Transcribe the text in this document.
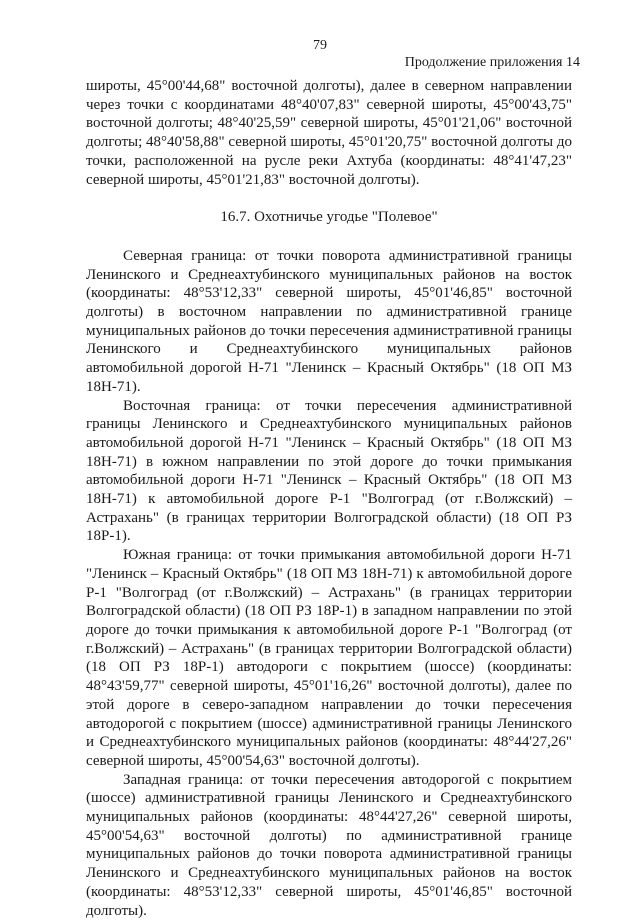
79
Продолжение приложения 14

широты, 45°00'44,68" восточной долготы), далее в северном направлении через точки с координатами 48°40'07,83" северной широты, 45°00'43,75" восточной долготы; 48°40'25,59" северной широты, 45°01'21,06" восточной долготы; 48°40'58,88" северной широты, 45°01'20,75" восточной долготы до точки, расположенной на русле реки Ахтуба (координаты: 48°41'47,23" северной широты, 45°01'21,83" восточной долготы).

16.7. Охотничье угодье "Полевое"

Северная граница: от точки поворота административной границы Ленинского и Среднеахтубинского муниципальных районов на восток (координаты: 48°53'12,33" северной широты, 45°01'46,85" восточной долготы) в восточном направлении по административной границе муниципальных районов до точки пересечения административной границы Ленинского и Среднеахтубинского муниципальных районов автомобильной дорогой Н-71 "Ленинск – Красный Октябрь" (18 ОП МЗ 18Н-71).

Восточная граница: от точки пересечения административной границы Ленинского и Среднеахтубинского муниципальных районов автомобильной дорогой Н-71 "Ленинск – Красный Октябрь" (18 ОП МЗ 18Н-71) в южном направлении по этой дороге до точки примыкания автомобильной дороги Н-71 "Ленинск – Красный Октябрь" (18 ОП МЗ 18Н-71) к автомобильной дороге Р-1 "Волгоград (от г.Волжский) – Астрахань" (в границах территории Волгоградской области) (18 ОП РЗ 18Р-1).

Южная граница: от точки примыкания автомобильной дороги Н-71 "Ленинск – Красный Октябрь" (18 ОП МЗ 18Н-71) к автомобильной дороге Р-1 "Волгоград (от г.Волжский) – Астрахань" (в границах территории Волгоградской области) (18 ОП РЗ 18Р-1) в западном направлении по этой дороге до точки примыкания к автомобильной дороге Р-1 "Волгоград (от г.Волжский) – Астрахань" (в границах территории Волгоградской области) (18 ОП РЗ 18Р-1) автодороги с покрытием (шоссе) (координаты: 48°43'59,77" северной широты, 45°01'16,26" восточной долготы), далее по этой дороге в северо-западном направлении до точки пересечения автодорогой с покрытием (шоссе) административной границы Ленинского и Среднеахтубинского муниципальных районов (координаты: 48°44'27,26" северной широты, 45°00'54,63" восточной долготы).

Западная граница: от точки пересечения автодорогой с покрытием (шоссе) административной границы Ленинского и Среднеахтубинского муниципальных районов (координаты: 48°44'27,26" северной широты, 45°00'54,63" восточной долготы) по административной границе муниципальных районов до точки поворота административной границы Ленинского и Среднеахтубинского муниципальных районов на восток (координаты: 48°53'12,33" северной широты, 45°01'46,85" восточной долготы).
